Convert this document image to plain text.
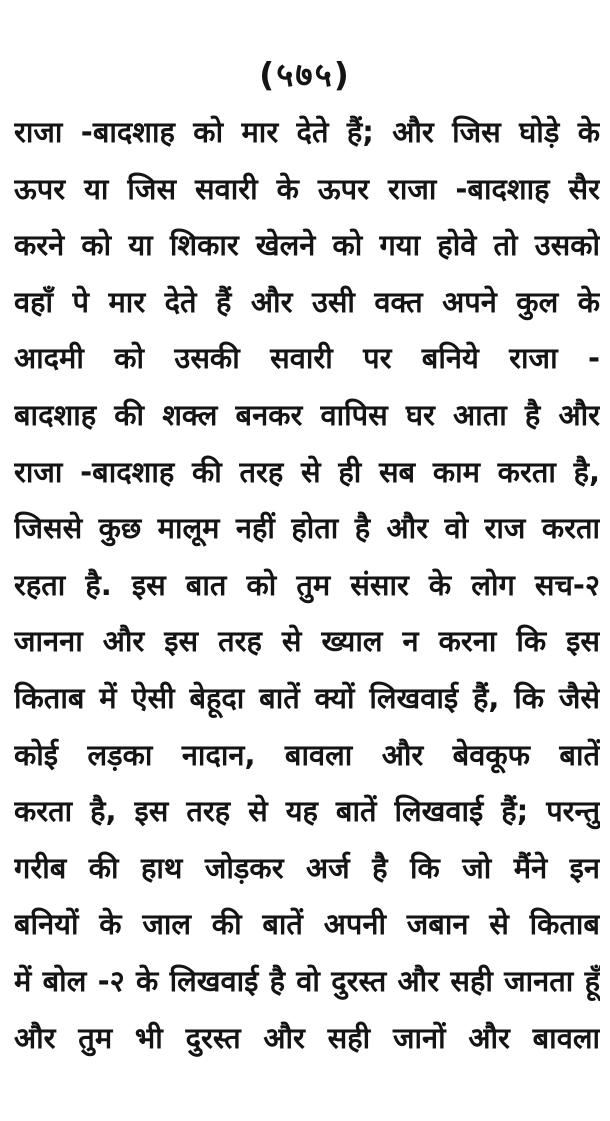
(५७५)
राजा -बादशाह को मार देते हैं; और जिस घोड़े के
ऊपर या जिस सवारी के ऊपर राजा -बादशाह सैर
करने को या शिकार खेलने को गया होवे तो उसको
वहाँ पे मार देते हैं और उसी वक्त अपने कुल के
आदमी को उसकी सवारी पर बनिये राजा -
बादशाह की शक्ल बनकर वापिस घर आता है और
राजा -बादशाह की तरह से ही सब काम करता है,
जिससे कुछ मालूम नहीं होता है और वो राज करता
रहता है. इस बात को तुम संसार के लोग सच-२
जानना और इस तरह से ख्याल न करना कि इस
किताब में ऐसी बेहूदा बातें क्यों लिखवाई हैं, कि जैसे
कोई लड़का नादान, बावला और बेवकूफ बातें
करता है, इस तरह से यह बातें लिखवाई हैं; परन्तु
गरीब की हाथ जोड़कर अर्ज है कि जो मैंने इन
बनियों के जाल की बातें अपनी जबान से किताब
में बोल -२ के लिखवाई है वो दुरस्त और सही जानता हूँ
और तुम भी दुरस्त और सही जानों और बावला
